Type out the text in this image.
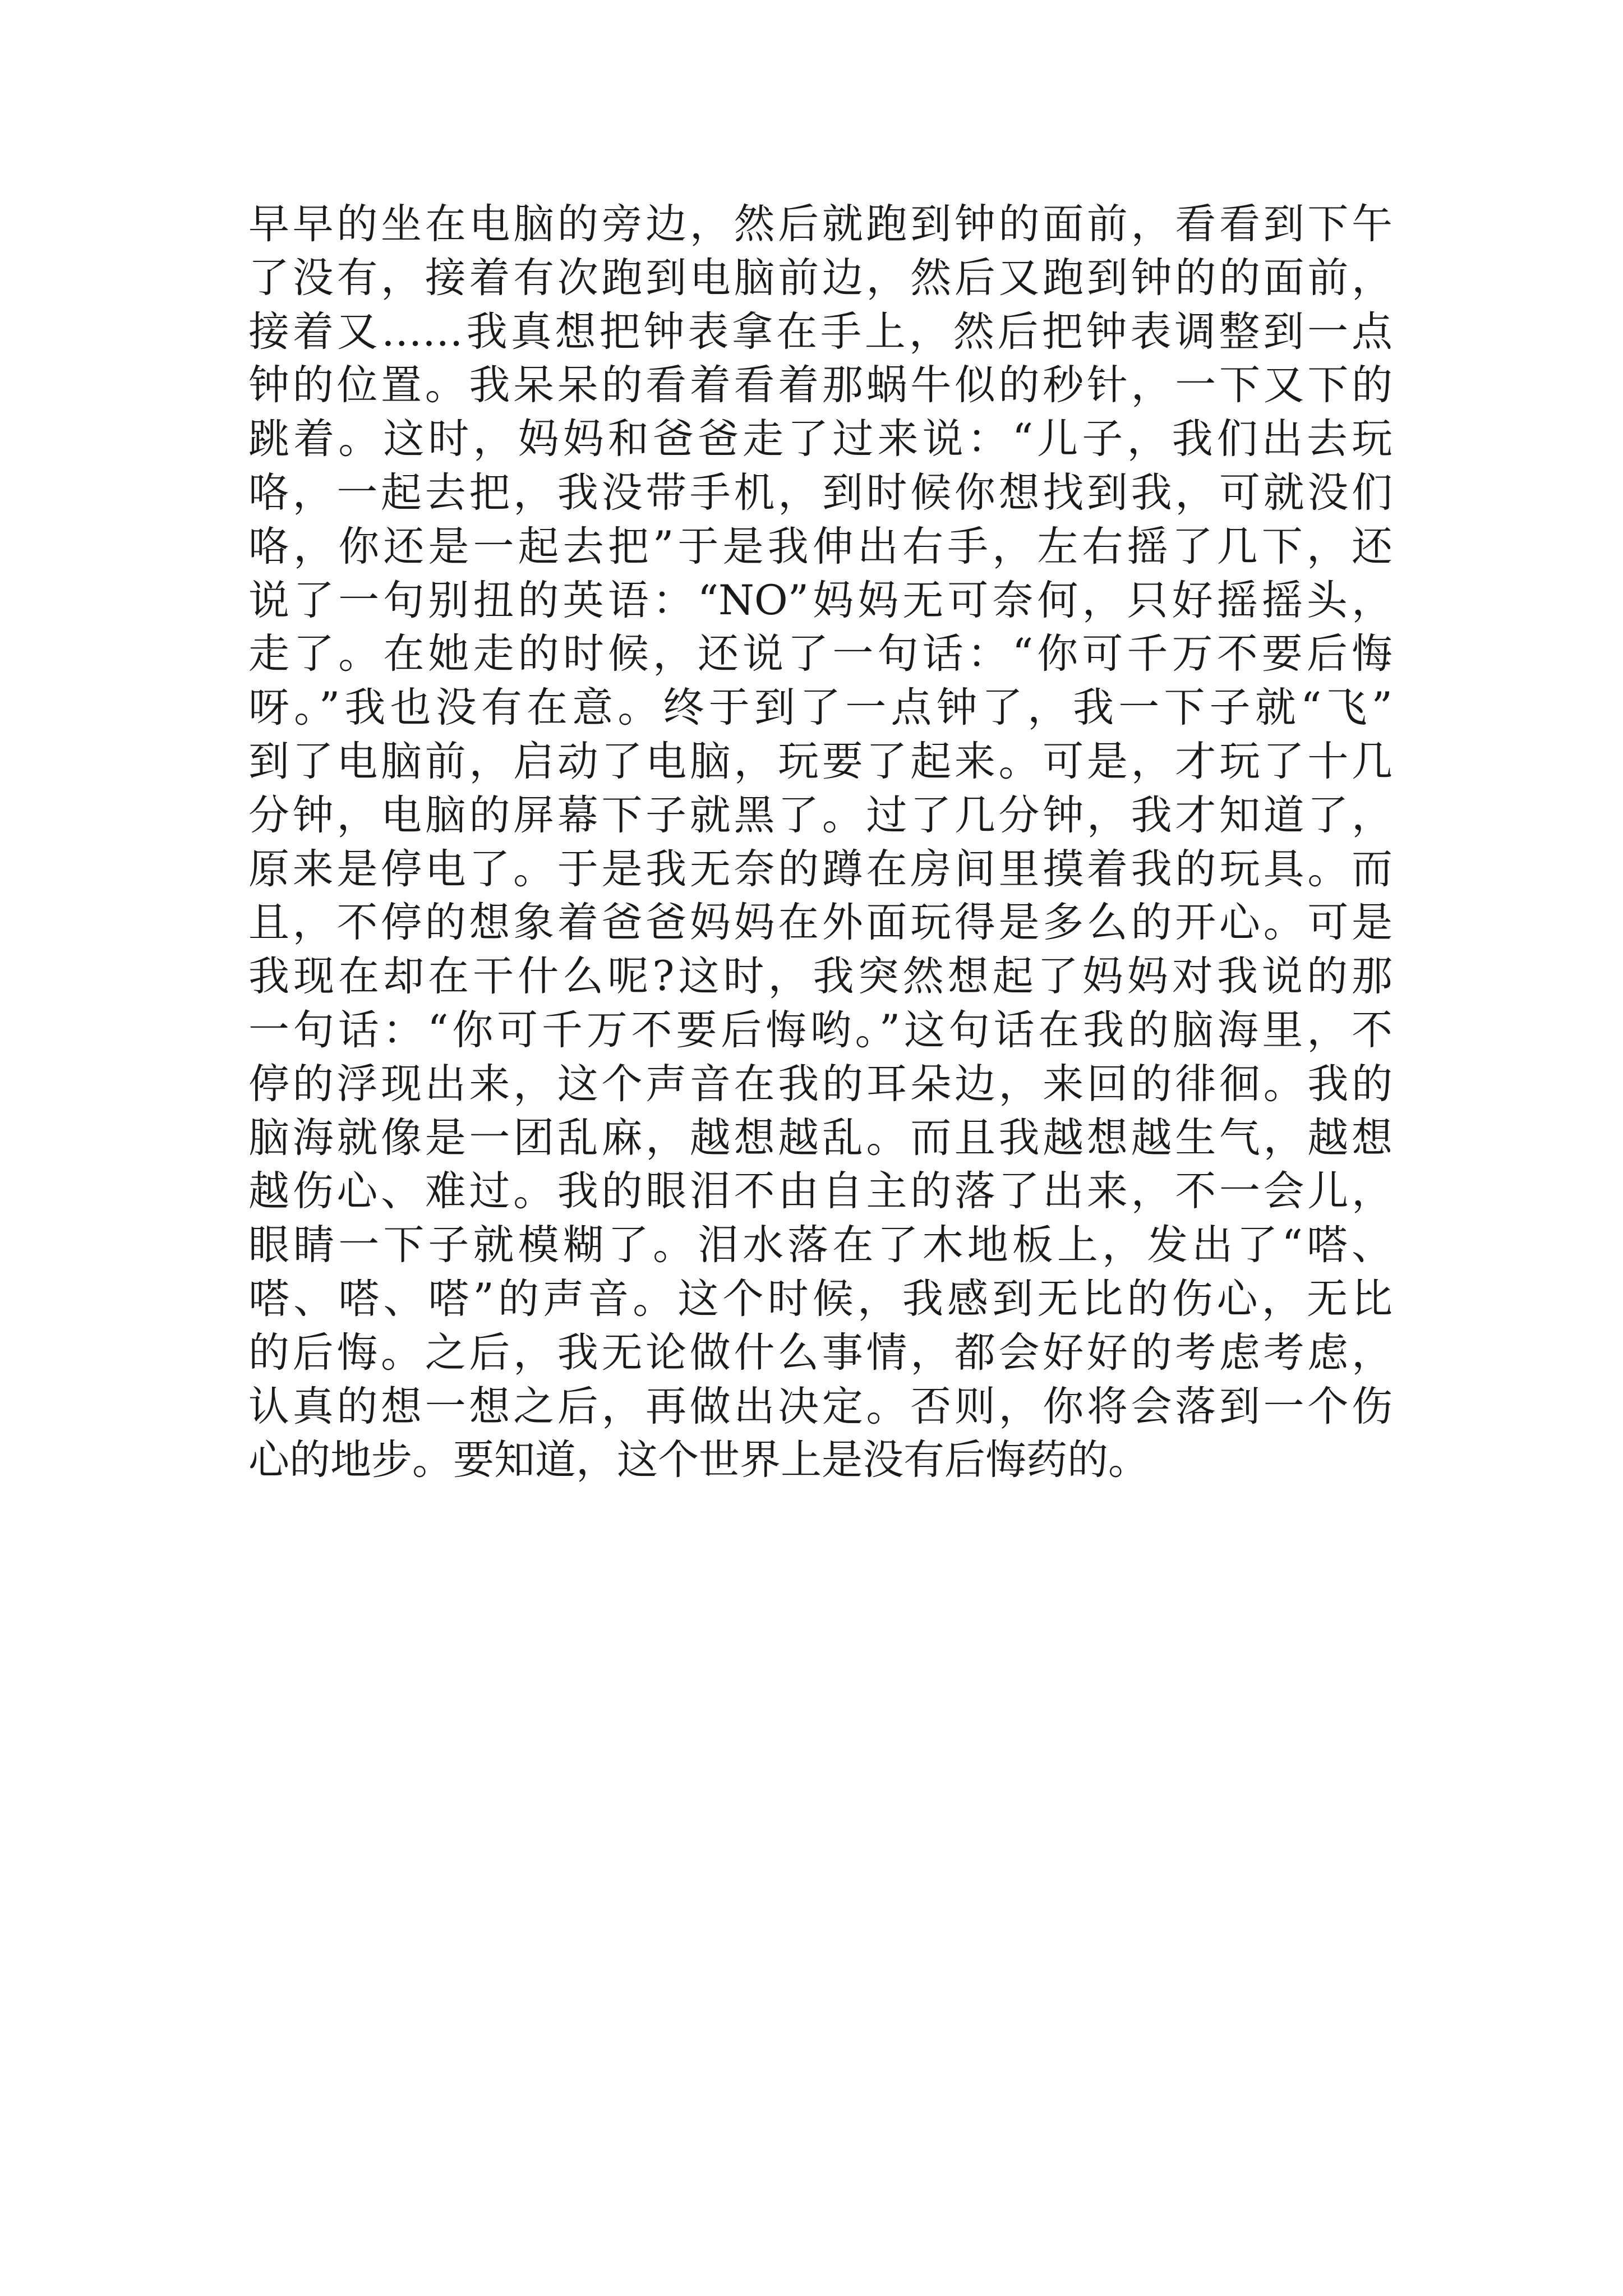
早早的坐在电脑的旁边，然后就跑到钟的面前，看看到下午
了没有，接着有次跑到电脑前边，然后又跑到钟的的面前，
接着又……我真想把钟表拿在手上，然后把钟表调整到一点
钟的位置。我呆呆的看着看着那蜗牛似的秒针，一下又下的
跳着。这时，妈妈和爸爸走了过来说：“儿子，我们出去玩
咯，一起去把，我没带手机，到时候你想找到我，可就没们
咯，你还是一起去把”于是我伸出右手，左右摇了几下，还
说了一句别扭的英语：“NO”妈妈无可奈何，只好摇摇头，
走了。在她走的时候，还说了一句话：“你可千万不要后悔
呀。”我也没有在意。终于到了一点钟了，我一下子就“飞”
到了电脑前，启动了电脑，玩要了起来。可是，才玩了十几
分钟，电脑的屏幕下子就黑了。过了几分钟，我才知道了，
原来是停电了。于是我无奈的蹲在房间里摸着我的玩具。而
且，不停的想象着爸爸妈妈在外面玩得是多么的开心。可是
我现在却在干什么呢?这时，我突然想起了妈妈对我说的那
一句话：“你可千万不要后悔哟。”这句话在我的脑海里，不
停的浮现出来，这个声音在我的耳朵边，来回的徘徊。我的
脑海就像是一团乱麻，越想越乱。而且我越想越生气，越想
越伤心、难过。我的眼泪不由自主的落了出来，不一会儿，
眼睛一下子就模糊了。泪水落在了木地板上，发出了“嗒、
嗒、嗒、嗒”的声音。这个时候，我感到无比的伤心，无比
的后悔。之后，我无论做什么事情，都会好好的考虑考虑，
认真的想一想之后，再做出决定。否则，你将会落到一个伤
心的地步。要知道，这个世界上是没有后悔药的。
